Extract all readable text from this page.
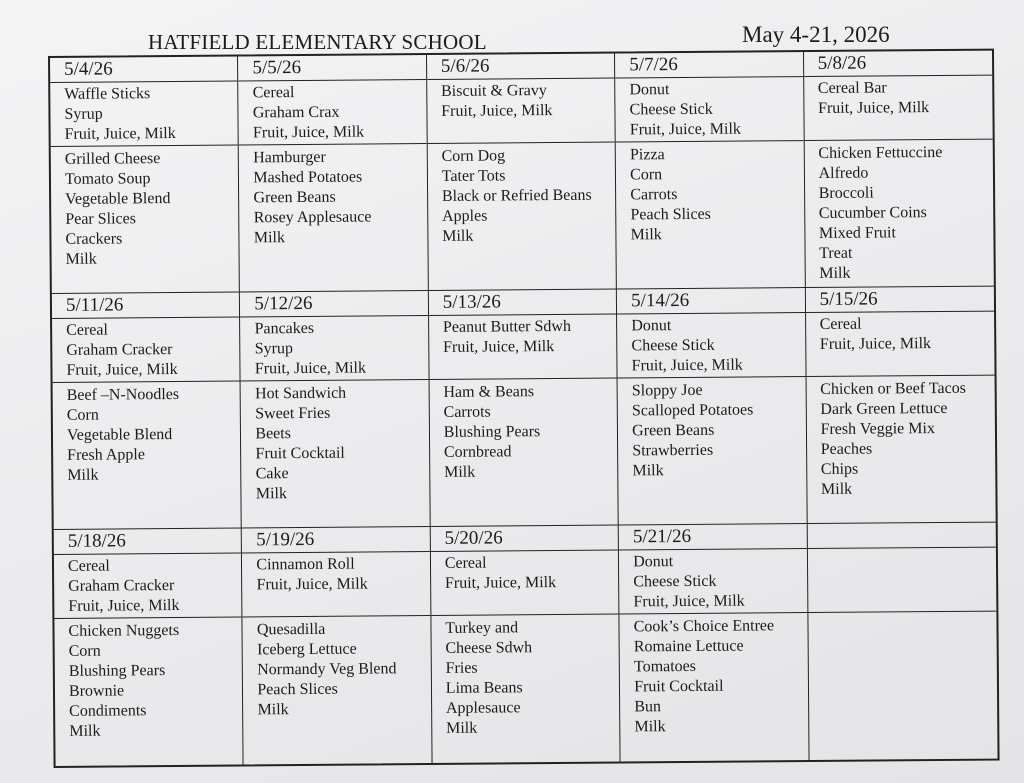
HATFIELD ELEMENTARY SCHOOL	May 4-21, 2026
5/4/26
Waffle Sticks
Syrup
Fruit, Juice, Milk
Grilled Cheese
Tomato Soup
Vegetable Blend
Pear Slices
Crackers
Milk
5/5/26
Cereal
Graham Crax
Fruit, Juice, Milk
Hamburger
Mashed Potatoes
Green Beans
Rosey Applesauce
Milk
5/6/26
Biscuit & Gravy
Fruit, Juice, Milk
Corn Dog
Tater Tots
Black or Refried Beans
Apples
Milk
5/7/26
Donut
Cheese Stick
Fruit, Juice, Milk
Pizza
Corn
Carrots
Peach Slices
Milk
5/8/26
Cereal Bar
Fruit, Juice, Milk
Chicken Fettuccine
Alfredo
Broccoli
Cucumber Coins
Mixed Fruit
Treat
Milk
5/11/26
Cereal
Graham Cracker
Fruit, Juice, Milk
Beef –N-Noodles
Corn
Vegetable Blend
Fresh Apple
Milk
5/12/26
Pancakes
Syrup
Fruit, Juice, Milk
Hot Sandwich
Sweet Fries
Beets
Fruit Cocktail
Cake
Milk
5/13/26
Peanut Butter Sdwh
Fruit, Juice, Milk
Ham & Beans
Carrots
Blushing Pears
Cornbread
Milk
5/14/26
Donut
Cheese Stick
Fruit, Juice, Milk
Sloppy Joe
Scalloped Potatoes
Green Beans
Strawberries
Milk
5/15/26
Cereal
Fruit, Juice, Milk
Chicken or Beef Tacos
Dark Green Lettuce
Fresh Veggie Mix
Peaches
Chips
Milk
5/18/26
Cereal
Graham Cracker
Fruit, Juice, Milk
Chicken Nuggets
Corn
Blushing Pears
Brownie
Condiments
Milk
5/19/26
Cinnamon Roll
Fruit, Juice, Milk
Quesadilla
Iceberg Lettuce
Normandy Veg Blend
Peach Slices
Milk
5/20/26
Cereal
Fruit, Juice, Milk
Turkey and
Cheese Sdwh
Fries
Lima Beans
Applesauce
Milk
5/21/26
Donut
Cheese Stick
Fruit, Juice, Milk
Cook’s Choice Entree
Romaine Lettuce
Tomatoes
Fruit Cocktail
Bun
Milk
